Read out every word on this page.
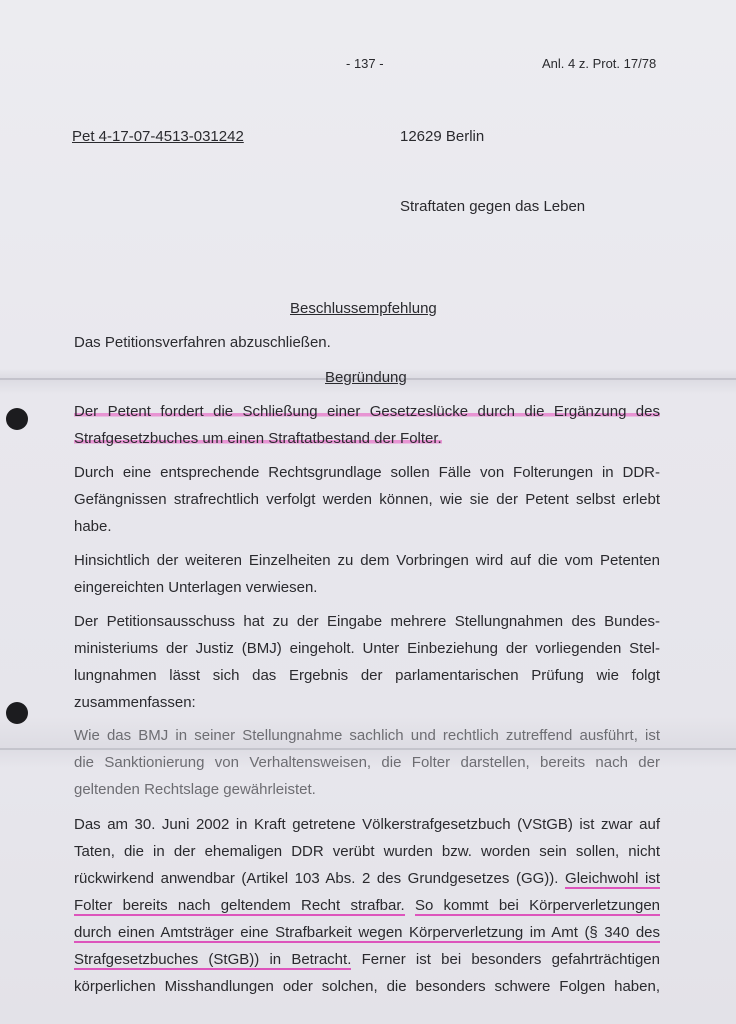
- 137 -	Anl. 4 z. Prot. 17/78
Pet 4-17-07-4513-031242	12629 Berlin
Straftaten gegen das Leben
Beschlussempfehlung
Das Petitionsverfahren abzuschließen.
Begründung
Der Petent fordert die Schließung einer Gesetzeslücke durch die Ergänzung des
Strafgesetzbuches um einen Straftatbestand der Folter.
Durch eine entsprechende Rechtsgrundlage sollen Fälle von Folterungen in DDR-
Gefängnissen strafrechtlich verfolgt werden können, wie sie der Petent selbst erlebt
habe.
Hinsichtlich der weiteren Einzelheiten zu dem Vorbringen wird auf die vom Petenten
eingereichten Unterlagen verwiesen.
Der Petitionsausschuss hat zu der Eingabe mehrere Stellungnahmen des Bundes-
ministeriums der Justiz (BMJ) eingeholt. Unter Einbeziehung der vorliegenden Stel-
lungnahmen lässt sich das Ergebnis der parlamentarischen Prüfung wie folgt
zusammenfassen:
Wie das BMJ in seiner Stellungnahme sachlich und rechtlich zutreffend ausführt, ist
die Sanktionierung von Verhaltensweisen, die Folter darstellen, bereits nach der
geltenden Rechtslage gewährleistet.
Das am 30. Juni 2002 in Kraft getretene Völkerstrafgesetzbuch (VStGB) ist zwar auf
Taten, die in der ehemaligen DDR verübt wurden bzw. worden sein sollen, nicht
rückwirkend anwendbar (Artikel 103 Abs. 2 des Grundgesetzes (GG)). Gleichwohl ist
Folter bereits nach geltendem Recht strafbar. So kommt bei Körperverletzungen
durch einen Amtsträger eine Strafbarkeit wegen Körperverletzung im Amt (§ 340 des
Strafgesetzbuches (StGB)) in Betracht. Ferner ist bei besonders gefahrträchtigen
körperlichen Misshandlungen oder solchen, die besonders schwere Folgen haben,
